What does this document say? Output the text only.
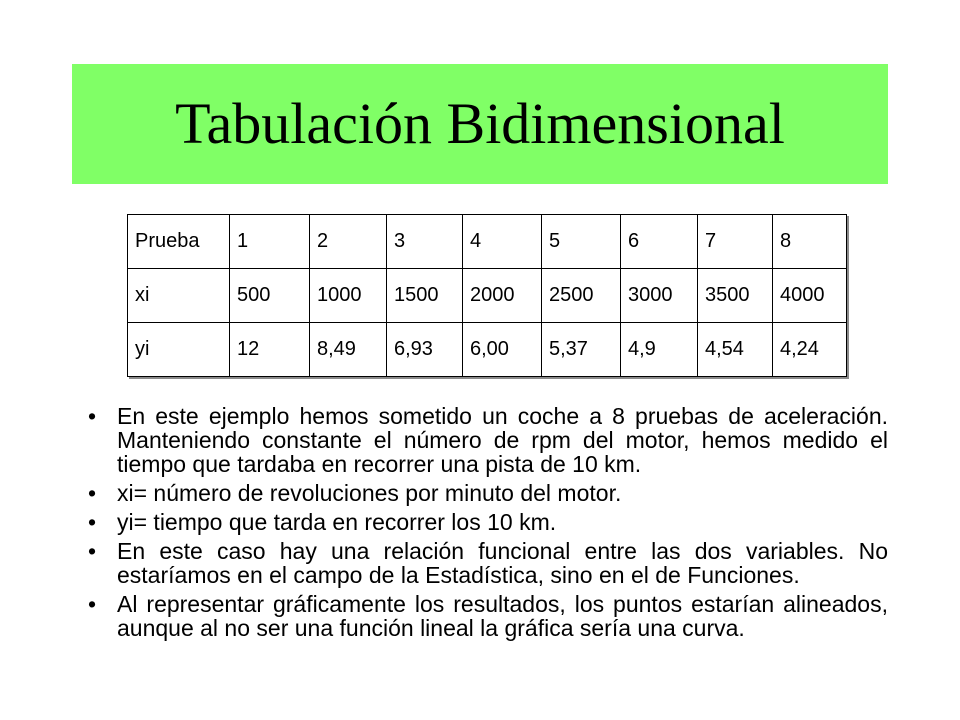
Tabulación Bidimensional
Prueba	1	2	3	4	5	6	7	8
xi	500	1000	1500	2000	2500	3000	3500	4000
yi	12	8,49	6,93	6,00	5,37	4,9	4,54	4,24
• En este ejemplo hemos sometido un coche a 8 pruebas de aceleración. Manteniendo constante el número de rpm del motor, hemos medido el tiempo que tardaba en recorrer una pista de 10 km.
• xi= número de revoluciones por minuto del motor.
• yi= tiempo que tarda en recorrer los 10 km.
• En este caso hay una relación funcional entre las dos variables. No estaríamos en el campo de la Estadística, sino en el de Funciones.
• Al representar gráficamente los resultados, los puntos estarían alineados, aunque al no ser una función lineal la gráfica sería una curva.
